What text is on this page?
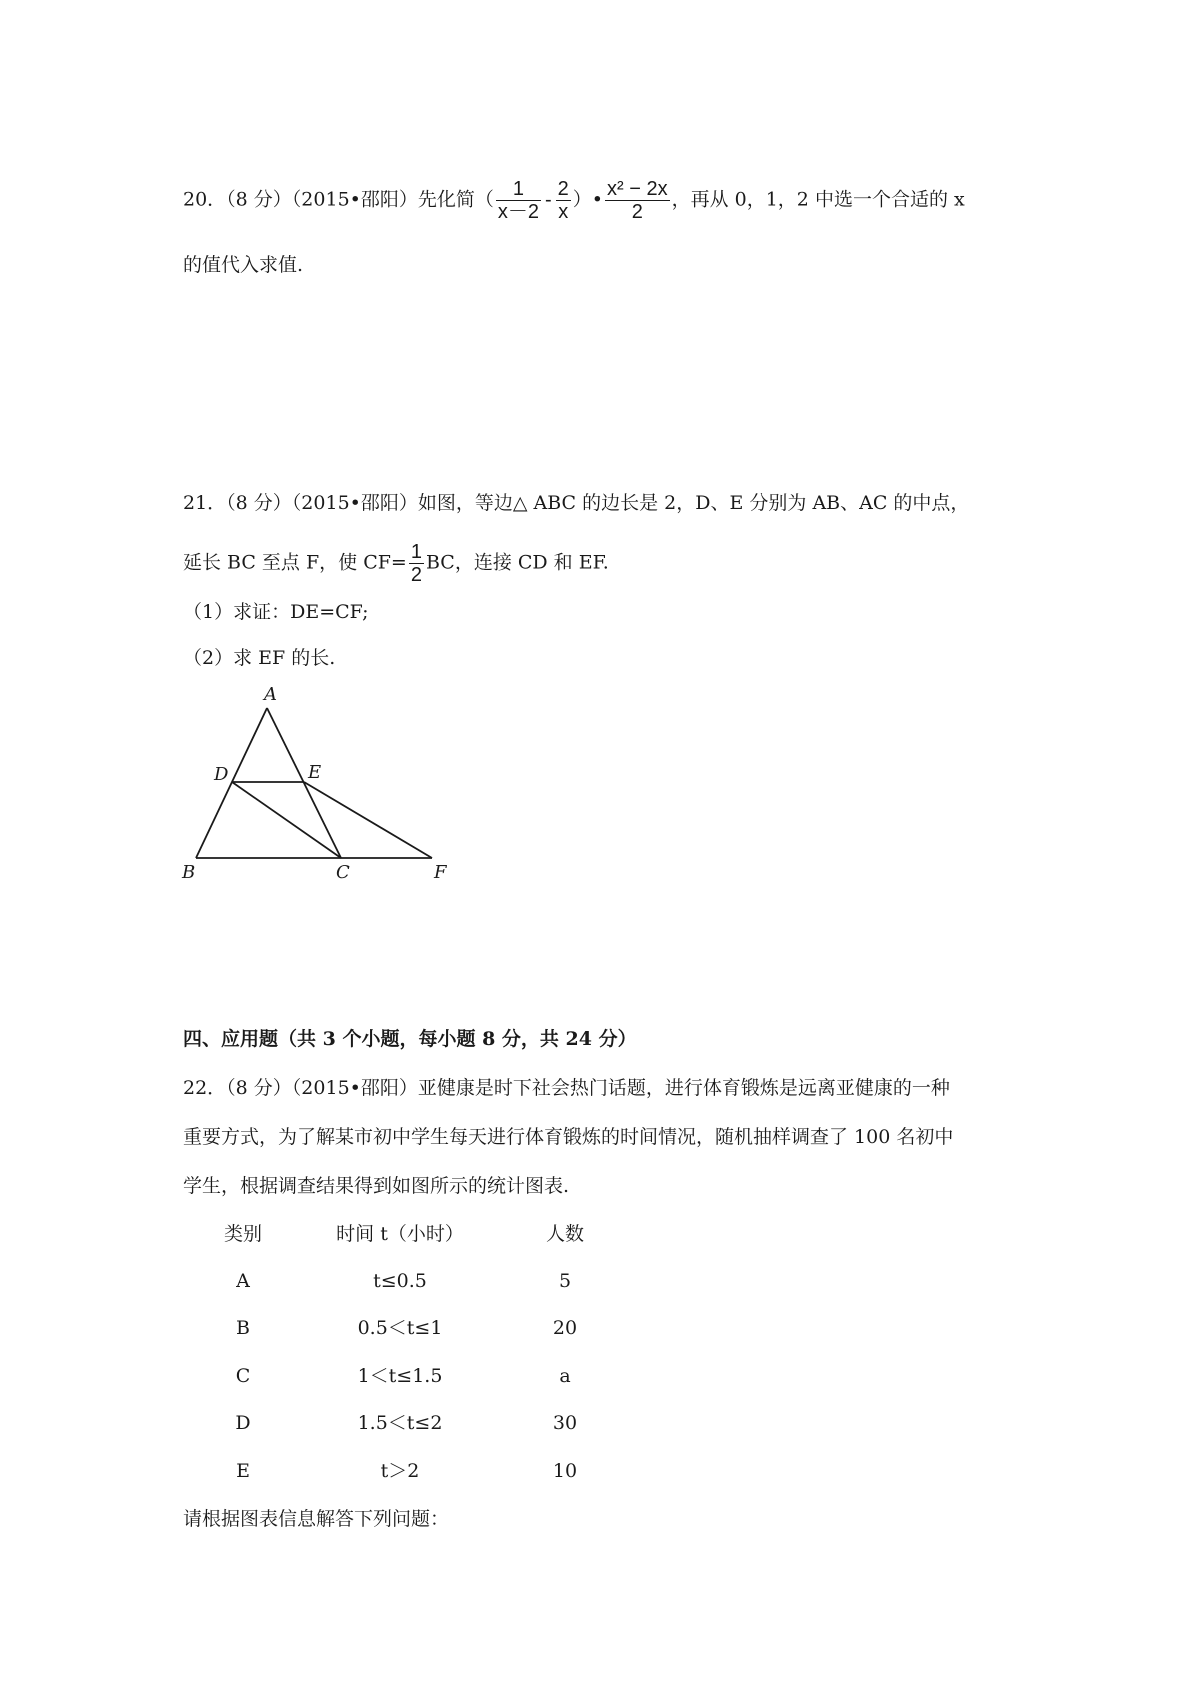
20．（8 分）（2015•邵阳）先化简（ $\frac{1}{x-2} - \frac{2}{x}$ ）• $\frac{\text{x² − 2x}}{2}$ ，再从 0，1，2 中选一个合适的 x
的值代入求值.
21．（8 分）（2015•邵阳）如图，等边△ ABC 的边长是 2，D、E 分别为 AB、AC 的中点，
延长 BC 至点 F，使 $CF= \frac{1}{2}$ BC，连接 CD 和 EF.
（1）求证：DE=CF;
（2）求 EF 的长.
A
B	C
D	E
F
四、应用题（共 3 个小题，每小题 8 分，共 24 分）
22．（8 分）（2015•邵阳）亚健康是时下社会热门话题，进行体育锻炼是远离亚健康的一种
重要方式，为了解某市初中学生每天进行体育锻炼的时间情况，随机抽样调查了 100 名初中
学生，根据调查结果得到如图所示的统计图表.
类别	时间 t（小时）	人数
A	t≤0.5	5
B	0.5＜t≤1	20
C	1＜t≤1.5	a
D	1.5＜t≤2	30
E	t＞2	10
请根据图表信息解答下列问题：
